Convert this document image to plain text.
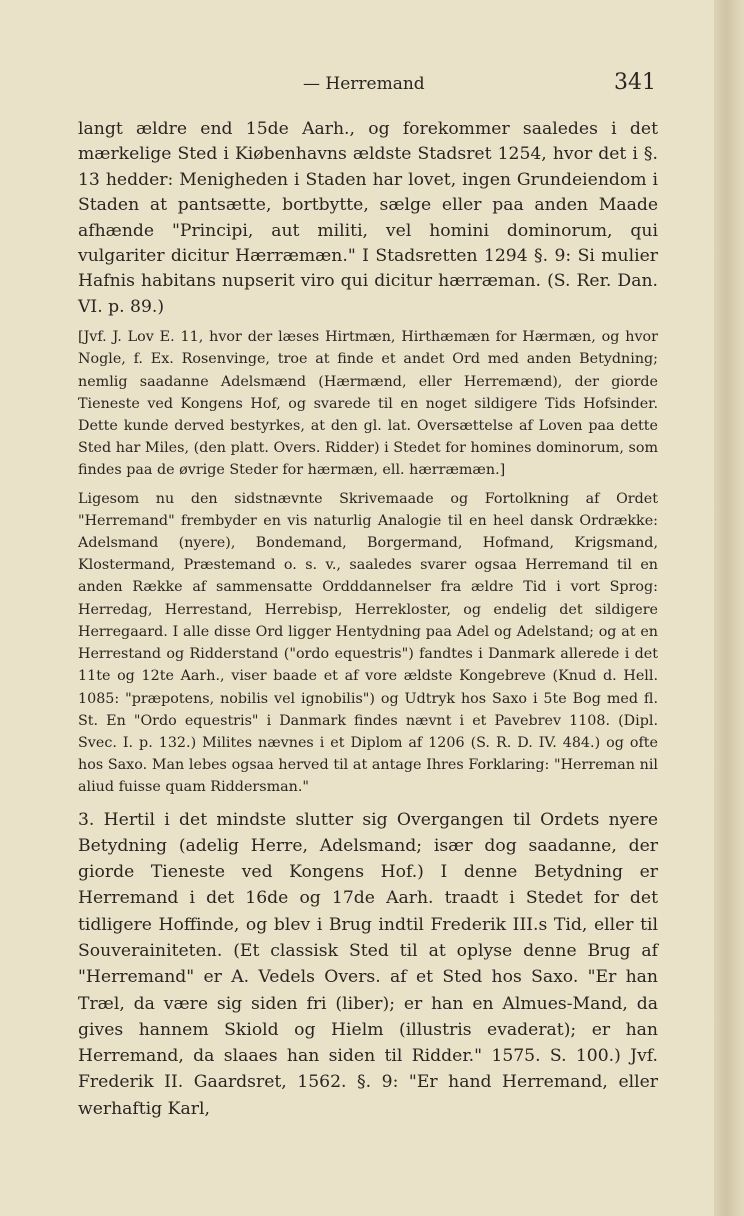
— Herremand	341

langt ældre end 15de Aarh., og forekommer saaledes i det mærkelige Sted i Kiøbenhavns ældste Stadsret 1254, hvor det i §. 13 hedder: Menigheden i Staden har lovet, ingen Grundeiendom i Staden at pantsætte, bortbytte, sælge eller paa anden Maade afhænde "Principi, aut militi, vel homini dominorum, qui vulgariter dicitur Hærræmæn." I Stadsretten 1294 §. 9: Si mulier Hafnis habitans nupserit viro qui dicitur hærræman. (S. Rer. Dan. VI. p. 89.)

[Jvf. J. Lov E. 11, hvor der læses Hirtmæn, Hirthæmæn for Hærmæn, og hvor Nogle, f. Ex. Rosenvinge, troe at finde et andet Ord med anden Betydning; nemlig saadanne Adelsmænd (Hærmænd, eller Herremænd), der giorde Tieneste ved Kongens Hof, og svarede til en noget sildigere Tids Hofsinder. Dette kunde derved bestyrkes, at den gl. lat. Oversættelse af Loven paa dette Sted har Miles, (den platt. Overs. Ridder) i Stedet for homines dominorum, som findes paa de øvrige Steder for hærmæn, ell. hærræmæn.]

Ligesom nu den sidstnævnte Skrivemaade og Fortolkning af Ordet "Herremand" frembyder en vis naturlig Analogie til en heel dansk Ordrække: Adelsmand (nyere), Bondemand, Borgermand, Hofmand, Krigsmand, Klostermand, Præstemand o. s. v., saaledes svarer ogsaa Herremand til en anden Række af sammensatte Ordddannelser fra ældre Tid i vort Sprog: Herredag, Herrestand, Herrebisp, Herrekloster, og endelig det sildigere Herregaard. I alle disse Ord ligger Hentydning paa Adel og Adelstand; og at en Herrestand og Ridderstand ("ordo equestris") fandtes i Danmark allerede i det 11te og 12te Aarh., viser baade et af vore ældste Kongebreve (Knud d. Hell. 1085: "præpotens, nobilis vel ignobilis") og Udtryk hos Saxo i 5te Bog med fl. St. En "Ordo equestris" i Danmark findes nævnt i et Pavebrev 1108. (Dipl. Svec. I. p. 132.) Milites nævnes i et Diplom af 1206 (S. R. D. IV. 484.) og ofte hos Saxo. Man lebes ogsaa herved til at antage Ihres Forklaring: "Herreman nil aliud fuisse quam Riddersman."

3. Hertil i det mindste slutter sig Overgangen til Ordets nyere Betydning (adelig Herre, Adelsmand; især dog saadanne, der giorde Tieneste ved Kongens Hof.) I denne Betydning er Herremand i det 16de og 17de Aarh. traadt i Stedet for det tidligere Hoffinde, og blev i Brug indtil Frederik III.s Tid, eller til Souverainiteten. (Et classisk Sted til at oplyse denne Brug af "Herremand" er A. Vedels Overs. af et Sted hos Saxo. "Er han Træl, da være sig siden fri (liber); er han en Almues-Mand, da gives hannem Skiold og Hielm (illustris evaderat); er han Herremand, da slaaes han siden til Ridder." 1575. S. 100.) Jvf. Frederik II. Gaardsret, 1562. §. 9: "Er hand Herremand, eller werhaftig Karl,
